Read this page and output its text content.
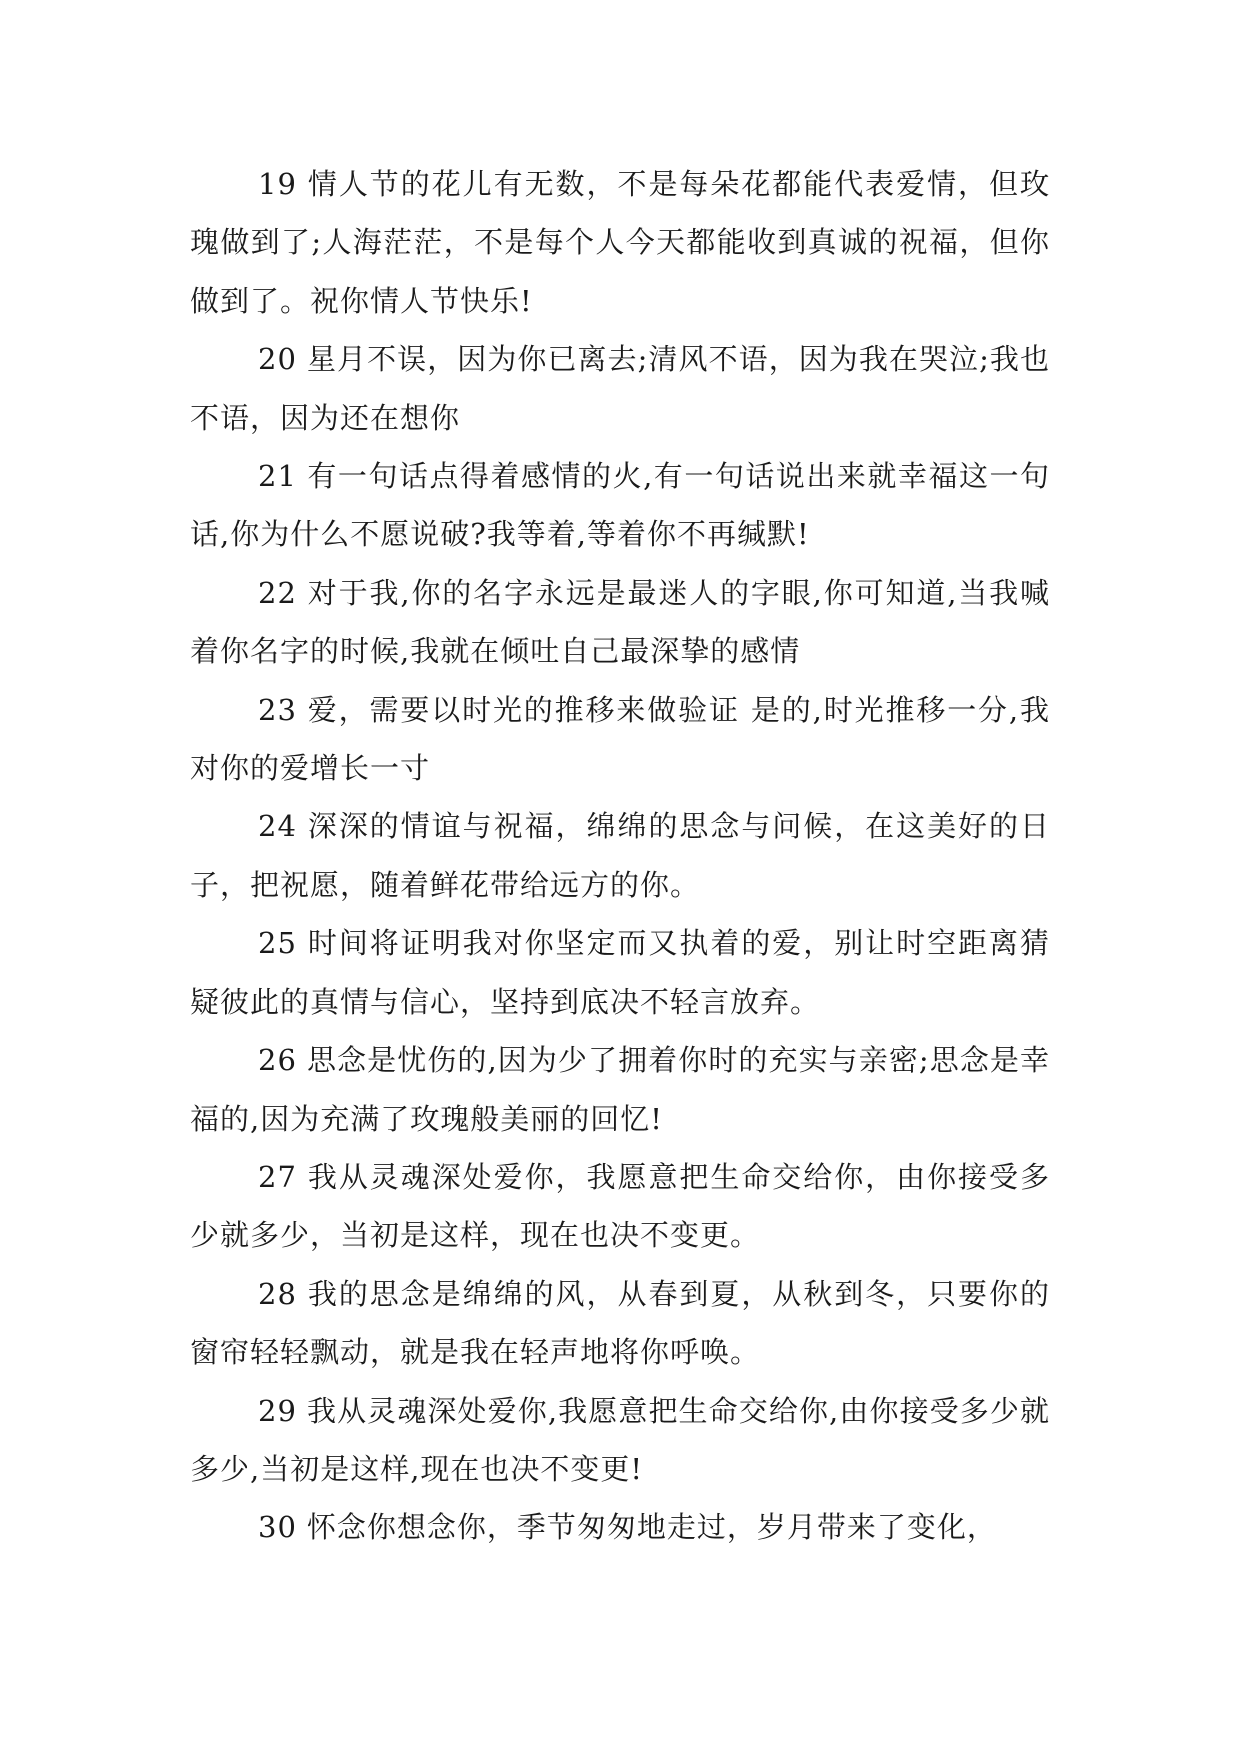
19 情人节的花儿有无数，不是每朵花都能代表爱情，但玫瑰做到了;人海茫茫，不是每个人今天都能收到真诚的祝福，但你做到了。祝你情人节快乐!

20 星月不误，因为你已离去;清风不语，因为我在哭泣;我也不语，因为还在想你

21 有一句话点得着感情的火,有一句话说出来就幸福这一句话,你为什么不愿说破?我等着,等着你不再缄默!

22 对于我,你的名字永远是最迷人的字眼,你可知道,当我喊着你名字的时候,我就在倾吐自己最深挚的感情

23 爱，需要以时光的推移来做验证 是的,时光推移一分,我对你的爱增长一寸

24 深深的情谊与祝福，绵绵的思念与问候，在这美好的日子，把祝愿，随着鲜花带给远方的你。

25 时间将证明我对你坚定而又执着的爱，别让时空距离猜疑彼此的真情与信心，坚持到底决不轻言放弃。

26 思念是忧伤的,因为少了拥着你时的充实与亲密;思念是幸福的,因为充满了玫瑰般美丽的回忆!

27 我从灵魂深处爱你，我愿意把生命交给你，由你接受多少就多少，当初是这样，现在也决不变更。

28 我的思念是绵绵的风，从春到夏，从秋到冬，只要你的窗帘轻轻飘动，就是我在轻声地将你呼唤。

29 我从灵魂深处爱你,我愿意把生命交给你,由你接受多少就多少,当初是这样,现在也决不变更!

30 怀念你想念你，季节匆匆地走过，岁月带来了变化，
